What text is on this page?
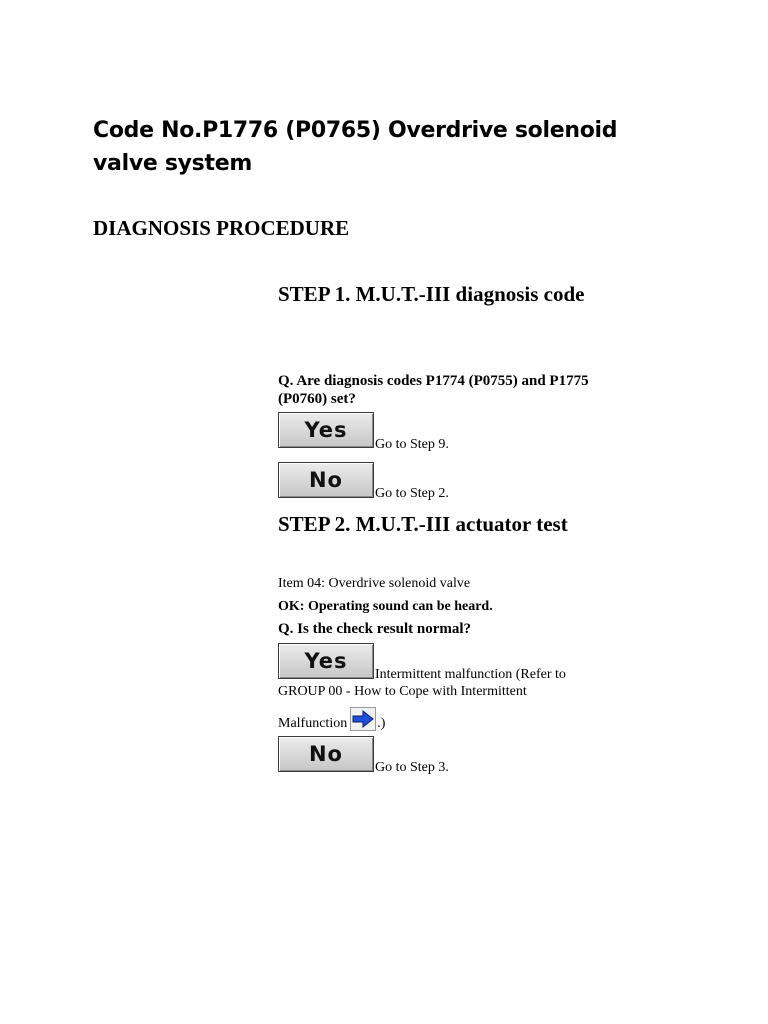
Code No.P1776 (P0765) Overdrive solenoid valve system
DIAGNOSIS PROCEDURE
STEP 1. M.U.T.-III diagnosis code

Q. Are diagnosis codes P1774 (P0755) and P1775 (P0760) set?

Yes
Go to Step 9.
No
Go to Step 2.
STEP 2. M.U.T.-III actuator test

Item 04: Overdrive solenoid valve

OK: Operating sound can be heard.

Q. Is the check result normal?

Yes

Intermittent malfunction (Refer to GROUP 00 - How to Cope with Intermittent

Malfunction .)
No
Go to Step 3.
